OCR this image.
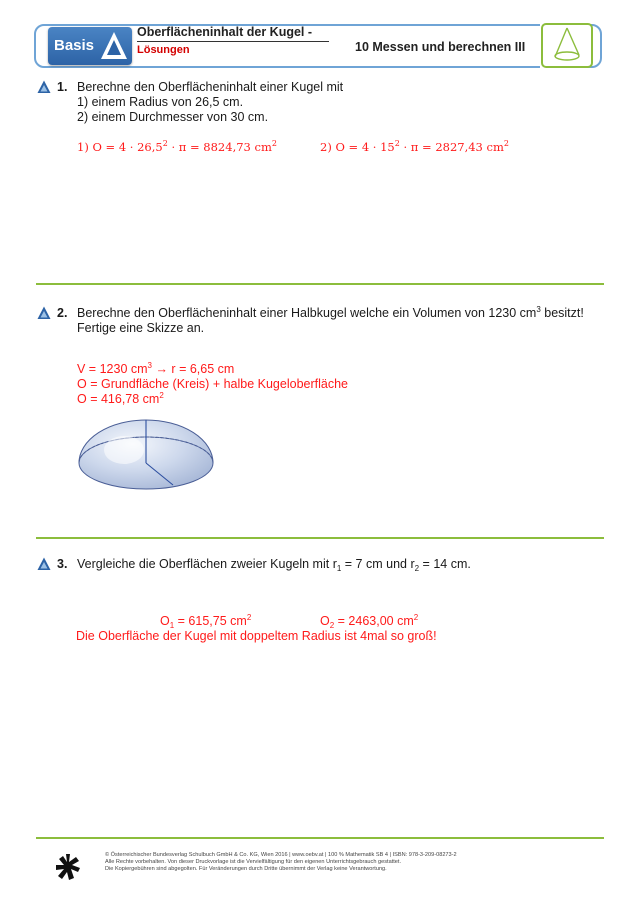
Basis
Oberflächeninhalt der Kugel -
Lösungen	10 Messen und berechnen III
1. Berechne den Oberflächeninhalt einer Kugel mit
1) einem Radius von 26,5 cm.
2) einem Durchmesser von 30 cm.
1) $O = 4 \cdot 26,5^2 \cdot \pi = 8824,73$ $cm^2$	2) $O = 4 \cdot 15^2 \cdot \pi = 2827,43$ $cm^2$
2. Berechne den Oberflächeninhalt einer Halbkugel welche ein Volumen von 1230 $cm^3$ besitzt!
Fertige eine Skizze an.
V = 1230 $cm^3 \to r = 6,65$ cm
O = Grundfläche (Kreis) + halbe Kugeloberfläche
O = 416,78 $cm^2$
3. Vergleiche die Oberflächen zweier Kugeln mit $r_1 = 7$ cm und $r_2 = 14$ cm.
$O_1 = 615,75$ $cm^2$	$O_2 = 2463,00$ $cm^2$
Die Oberfläche der Kugel mit doppeltem Radius ist 4mal so groß!
© Österreichischer Bundesverlag Schulbuch GmbH & Co. KG, Wien 2016 | www.oebv.at | 100 % Mathematik SB 4 | ISBN: 978-3-209-08273-2
Alle Rechte vorbehalten. Von dieser Druckvorlage ist die Vervielfältigung für den eigenen Unterrichtsgebrauch gestattet.
Die Kopiergebühren sind abgegolten. Für Veränderungen durch Dritte übernimmt der Verlag keine Verantwortung.
